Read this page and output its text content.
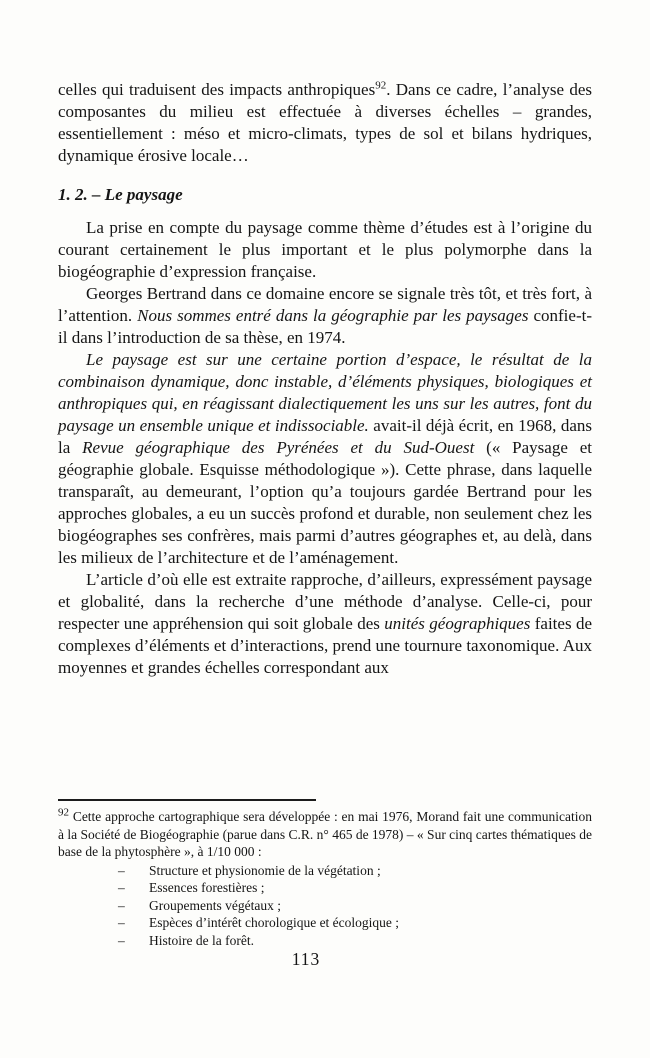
celles qui traduisent des impacts anthropiques$^{92}$. Dans ce cadre, l’analyse des composantes du milieu est effectuée à diverses échelles – grandes, essentiellement : méso et micro-climats, types de sol et bilans hydriques, dynamique érosive locale…

1. 2. – Le paysage

La prise en compte du paysage comme thème d’études est à l’origine du courant certainement le plus important et le plus polymorphe dans la biogéographie d’expression française.

Georges Bertrand dans ce domaine encore se signale très tôt, et très fort, à l’attention. Nous sommes entré dans la géographie par les paysages confie-t-il dans l’introduction de sa thèse, en 1974.

Le paysage est sur une certaine portion d’espace, le résultat de la combinaison dynamique, donc instable, d’éléments physiques, biologiques et anthropiques qui, en réagissant dialectiquement les uns sur les autres, font du paysage un ensemble unique et indissociable. avait-il déjà écrit, en 1968, dans la Revue géographique des Pyrénées et du Sud-Ouest (« Paysage et géographie globale. Esquisse méthodologique »). Cette phrase, dans laquelle transparaît, au demeurant, l’option qu’a toujours gardée Bertrand pour les approches globales, a eu un succès profond et durable, non seulement chez les biogéographes ses confrères, mais parmi d’autres géographes et, au delà, dans les milieux de l’architecture et de l’aménagement.

L’article d’où elle est extraite rapproche, d’ailleurs, expressément paysage et globalité, dans la recherche d’une méthode d’analyse. Celle-ci, pour respecter une appréhension qui soit globale des unités géographiques faites de complexes d’éléments et d’interactions, prend une tournure taxonomique. Aux moyennes et grandes échelles correspondant aux

$^{92}$ Cette approche cartographique sera développée : en mai 1976, Morand fait une communication à la Société de Biogéographie (parue dans C.R. n° 465 de 1978) – « Sur cinq cartes thématiques de base de la phytosphère », à 1/10 000 :
–	Structure et physionomie de la végétation ;
–	Essences forestières ;
–	Groupements végétaux ;
–	Espèces d’intérêt chorologique et écologique ;
–	Histoire de la forêt.
113
